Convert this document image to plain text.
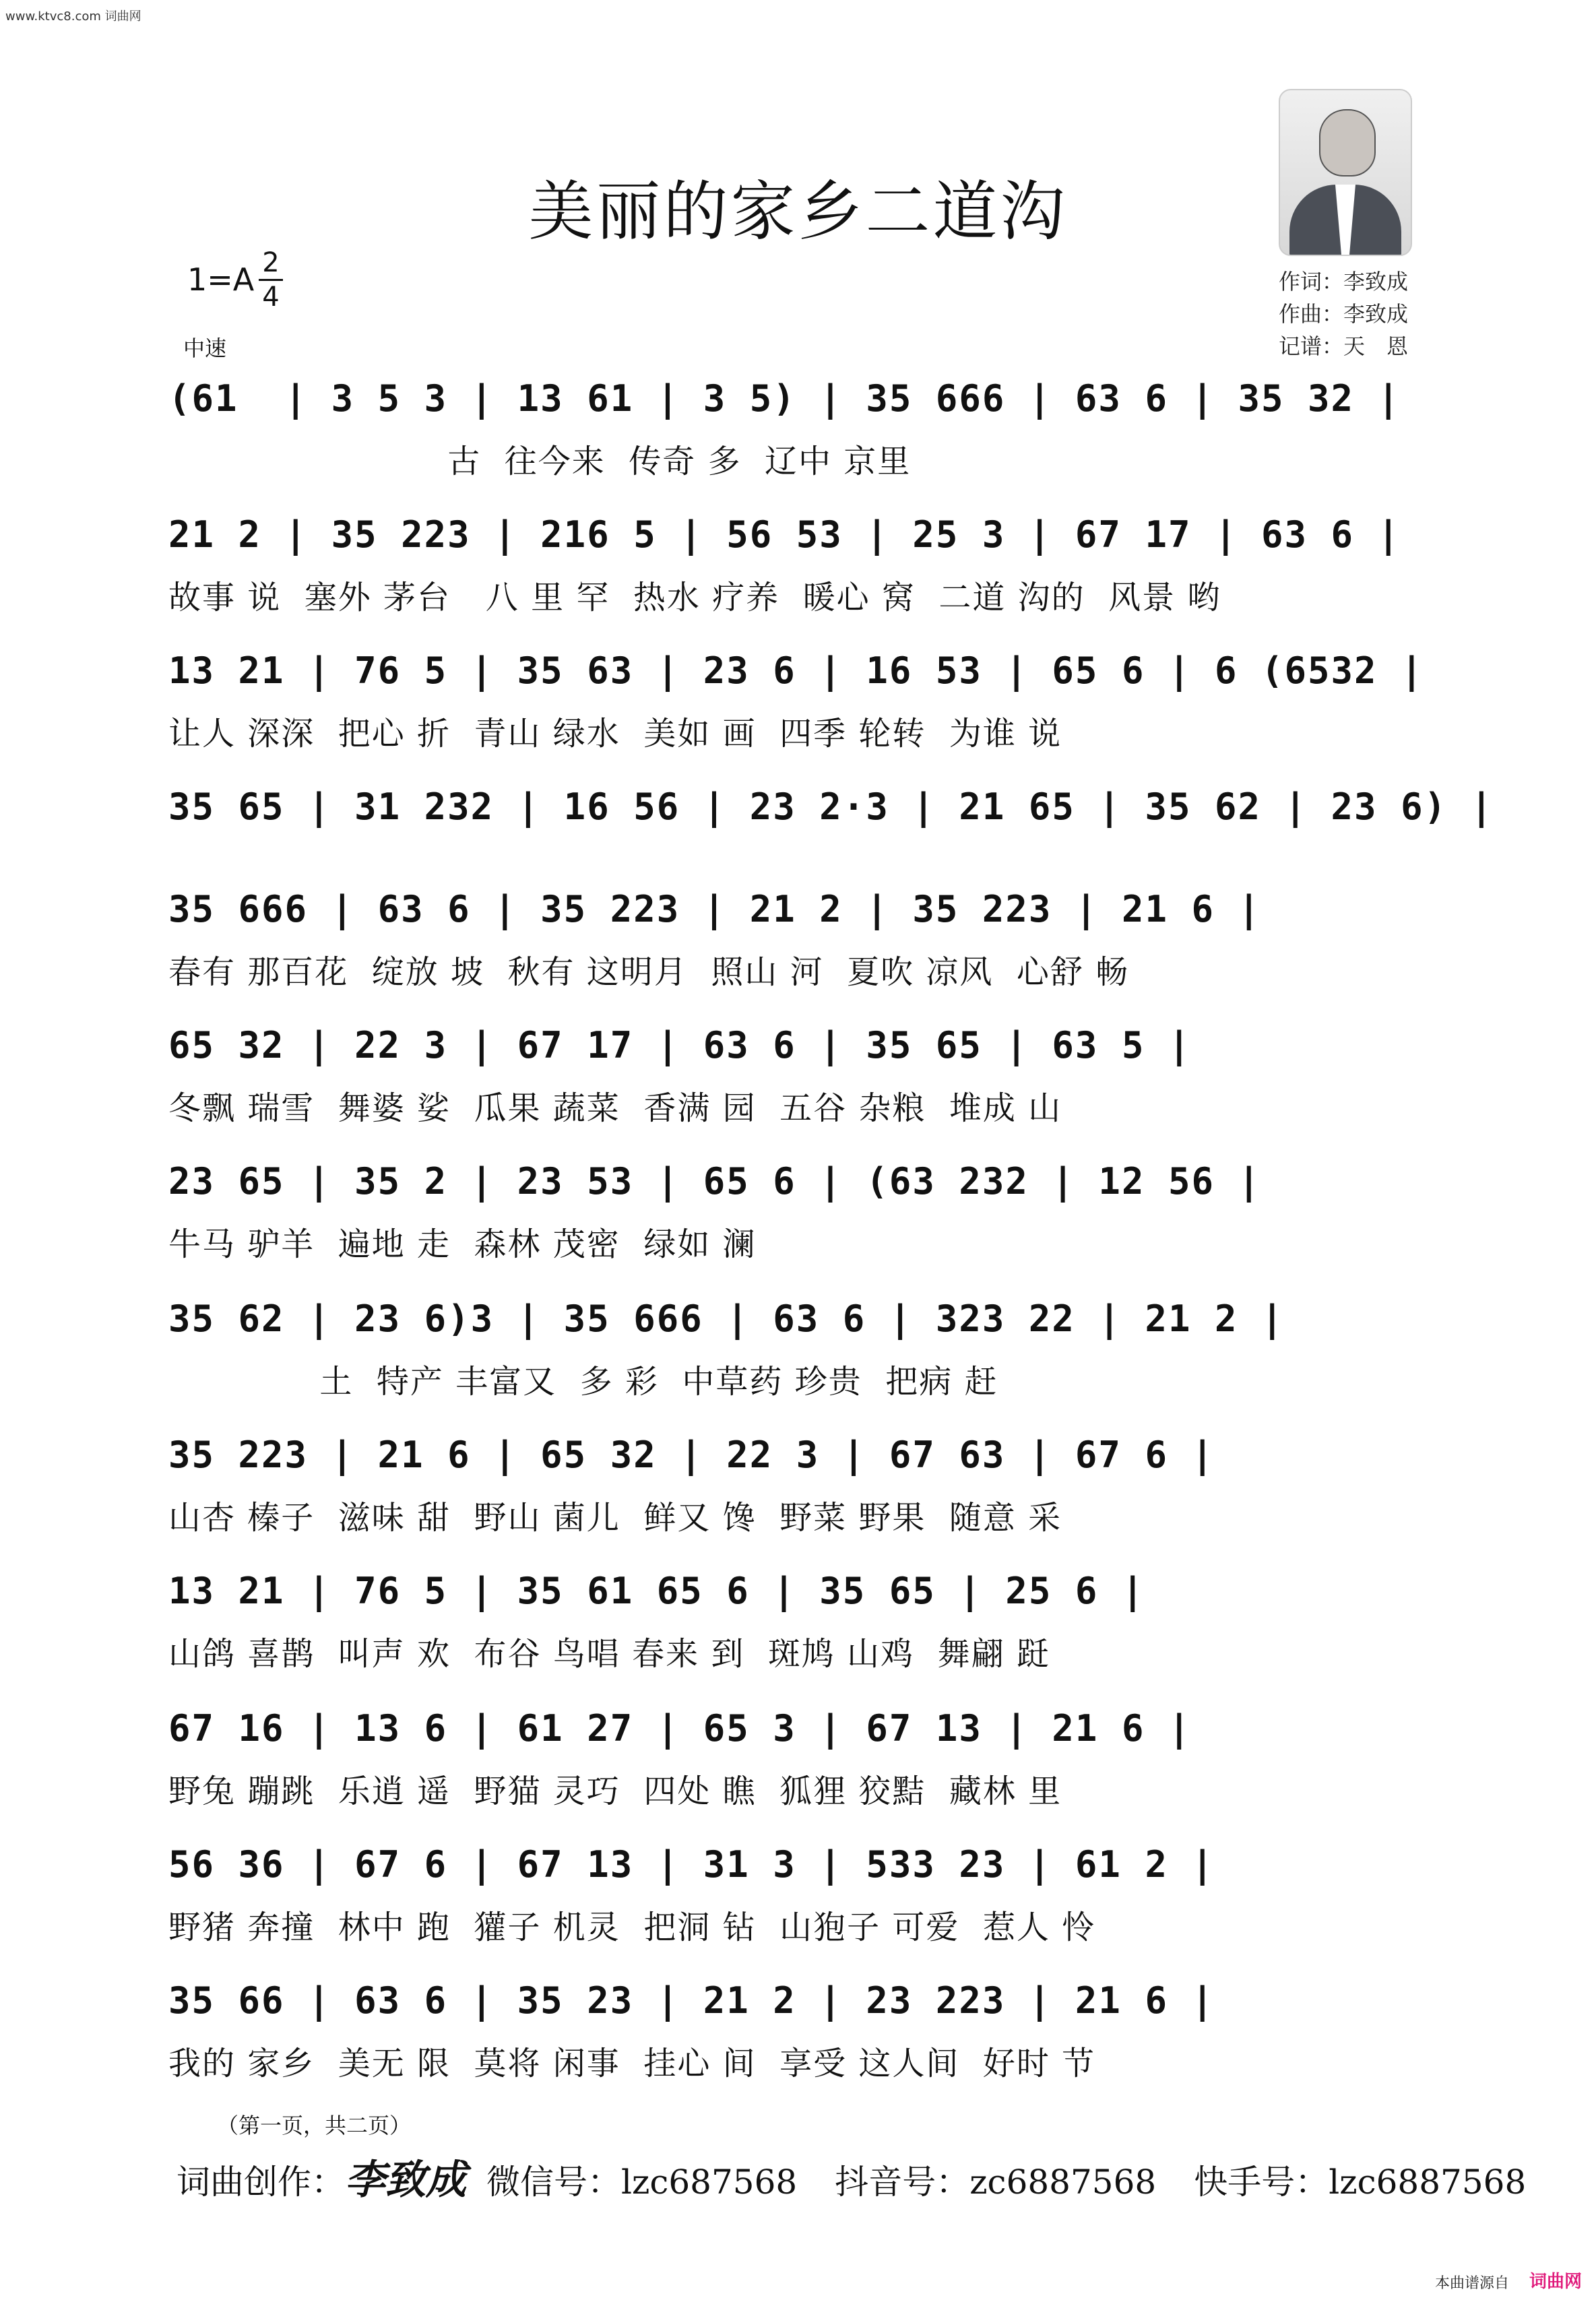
www.ktvc8.com 词曲网
美丽的家乡二道沟
1=A 2
4
中速
作词：李致成
作曲：李致成
记谱：天　恩
(61  | 3 5 3 | 13 61 | 3 5) | 35 666 | 63 6 | 35 32 |
古  往今来  传奇 多  辽中 京里
21 2 | 35 223 | 216 5 | 56 53 | 25 3 | 67 17 | 63 6 |
故事 说  塞外 茅台   八 里 罕  热水 疗养  暖心 窝  二道 沟的  风景 哟
13 21 | 76 5 | 35 63 | 23 6 | 16 53 | 65 6 | 6 (6532 |
让人 深深  把心 折  青山 绿水  美如 画  四季 轮转  为谁 说
35 65 | 31 232 | 16 56 | 23 2·3 | 21 65 | 35 62 | 23 6) |
35 666 | 63 6 | 35 223 | 21 2 | 35 223 | 21 6 |
春有 那百花  绽放 坡  秋有 这明月  照山 河  夏吹 凉风  心舒 畅
65 32 | 22 3 | 67 17 | 63 6 | 35 65 | 63 5 |
冬飘 瑞雪  舞婆 娑  瓜果 蔬菜  香满 园  五谷 杂粮  堆成 山
23 65 | 35 2 | 23 53 | 65 6 | (63 232 | 12 56 |
牛马 驴羊  遍地 走  森林 茂密  绿如 澜
35 62 | 23 6)3 | 35 666 | 63 6 | 323 22 | 21 2 |
土  特产 丰富又  多 彩  中草药 珍贵  把病 赶
35 223 | 21 6 | 65 32 | 22 3 | 67 63 | 67 6 |
山杏 榛子  滋味 甜  野山 菌儿  鲜又 馋  野菜 野果  随意 采
13 21 | 76 5 | 35 61 65 6 | 35 65 | 25 6 |
山鸽 喜鹊  叫声 欢  布谷 鸟唱 春来 到  斑鸠 山鸡  舞翩 跹
67 16 | 13 6 | 61 27 | 65 3 | 67 13 | 21 6 |
野兔 蹦跳  乐逍 遥  野猫 灵巧  四处 瞧  狐狸 狡黠  藏林 里
56 36 | 67 6 | 67 13 | 31 3 | 533 23 | 61 2 |
野猪 奔撞  林中 跑  獾子 机灵  把洞 钻  山狍子 可爱  惹人 怜
35 66 | 63 6 | 35 23 | 21 2 | 23 223 | 21 6 |
我的 家乡  美无 限  莫将 闲事  挂心 间  享受 这人间  好时 节
（第一页，共二页）
词曲创作：李致成 微信号：lzc687568 抖音号：zc6887568 快手号：lzc6887568
本曲谱源自 词曲网
